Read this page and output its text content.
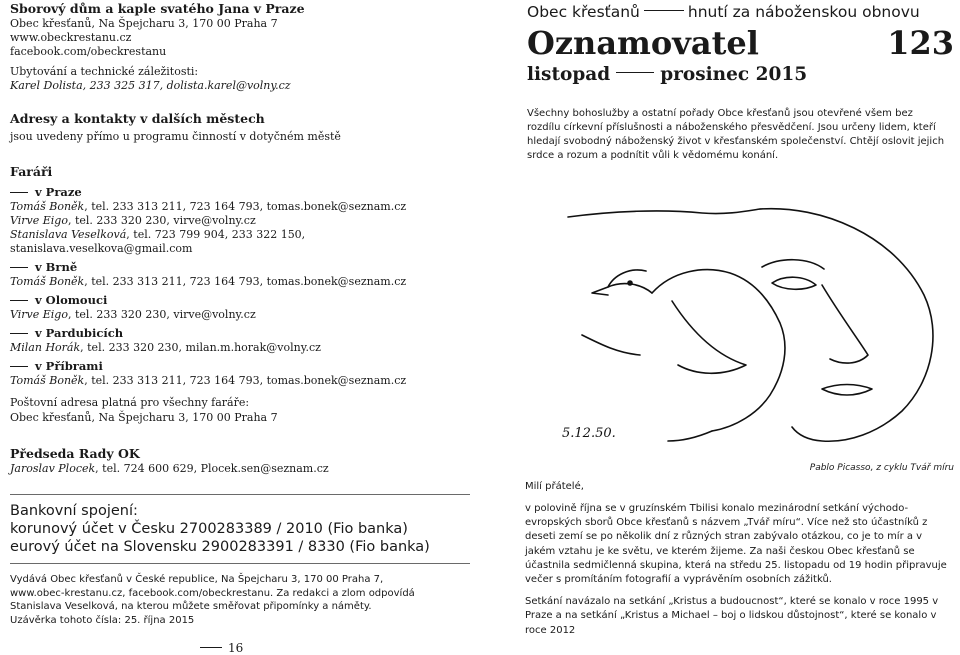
Sborový dům a kaple svatého Jana v Praze
Obec křesťanů, Na Špejcharu 3, 170 00 Praha 7
www.obeckrestanu.cz
facebook.com/obeckrestanu
Ubytování a technické záležitosti:
Karel Dolista, 233 325 317, dolista.karel@volny.cz
Adresy a kontakty v dalších městech
jsou uvedeny přímo u programu činností v dotyčném městě
Faráři
v Praze
Tomáš Boněk, tel. 233 313 211, 723 164 793, tomas.bonek@seznam.cz
Virve Eigo, tel. 233 320 230, virve@volny.cz
Stanislava Veselková, tel. 723 799 904, 233 322 150, stanislava.veselkova@gmail.com
v Brně
Tomáš Boněk, tel. 233 313 211, 723 164 793, tomas.bonek@seznam.cz
v Olomouci
Virve Eigo, tel. 233 320 230, virve@volny.cz
v Pardubicích
Milan Horák, tel. 233 320 230, milan.m.horak@volny.cz
v Příbrami
Tomáš Boněk, tel. 233 313 211, 723 164 793, tomas.bonek@seznam.cz
Poštovní adresa platná pro všechny faráře:
Obec křesťanů, Na Špejcharu 3, 170 00 Praha 7
Předseda Rady OK
Jaroslav Plocek, tel. 724 600 629, Plocek.sen@seznam.cz
Bankovní spojení:
korunový účet v Česku 2700283389 / 2010 (Fio banka)
eurový účet na Slovensku 2900283391 / 8330 (Fio banka)
Vydává Obec křesťanů v České republice, Na Špejcharu 3, 170 00 Praha 7,
www.obec-krestanu.cz, facebook.com/obeckrestanu. Za redakci a zlom odpovídá
Stanislava Veselková, na kterou můžete směřovat připomínky a náměty.
Uzávěrka tohoto čísla: 25. října 2015
16
Obec křesťanů	hnutí za náboženskou obnovu
Oznamovatel	123
listopad	prosinec 2015
Všechny bohoslužby a ostatní pořady Obce křesťanů jsou otevřené všem bez rozdílu církevní příslušnosti a náboženského přesvědčení. Jsou určeny lidem, kteří hledají svobodný náboženský život v křesťanském společenství. Chtějí oslovit jejich srdce a rozum a podnítit vůli k vědomému konání.
5.12.50.
Pablo Picasso, z cyklu Tvář míru
Milí přátelé,

v polovině října se v gruzínském Tbilisi konalo mezinárodní setkání východo-evropských sborů Obce křesťanů s názvem „Tvář míru“. Více než sto účastníků z deseti zemí se po několik dní z různých stran zabývalo otázkou, co je to mír a v jakém vztahu je ke světu, ve kterém žijeme. Za naši českou Obec křesťanů se účastnila sedmičlenná skupina, která na středu 25. listopadu od 19 hodin připravuje večer s promítáním fotografií a vyprávěním osobních zážitků.

Setkání navázalo na setkání „Kristus a budoucnost“, které se konalo v roce 1995 v Praze a na setkání „Kristus a Michael – boj o lidskou důstojnost“, které se konalo v roce 2012
